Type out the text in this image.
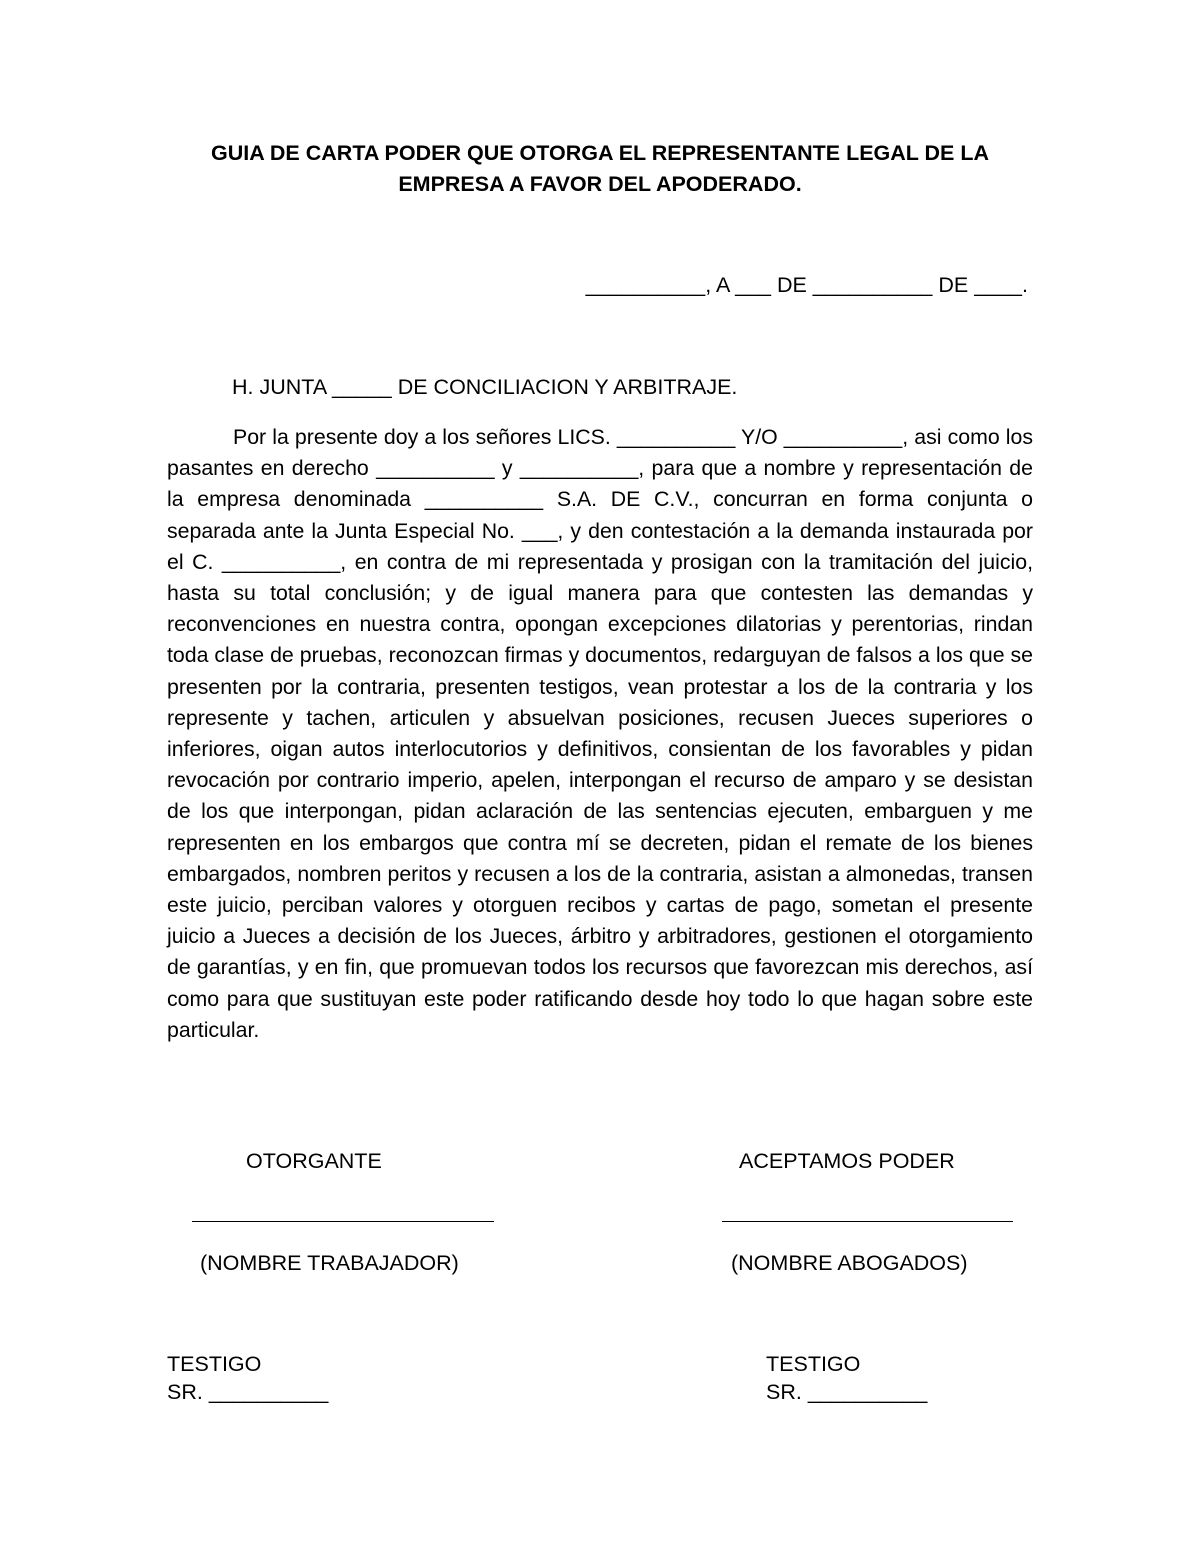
GUIA DE CARTA PODER QUE OTORGA EL REPRESENTANTE LEGAL DE LA
EMPRESA A FAVOR DEL APODERADO.
__________, A ___ DE __________ DE ____.
H. JUNTA _____ DE CONCILIACION Y ARBITRAJE.

Por la presente doy a los señores LICS. __________ Y/O __________, asi como los pasantes en derecho __________ y __________, para que a nombre y representación de la empresa denominada __________ S.A. DE C.V., concurran en forma conjunta o separada ante la Junta Especial No. ___, y den contestación a la demanda instaurada por el C. __________, en contra de mi representada y prosigan con la tramitación del juicio, hasta su total conclusión; y de igual manera para que contesten las demandas y reconvenciones en nuestra contra, opongan excepciones dilatorias y perentorias, rindan toda clase de pruebas, reconozcan firmas y documentos, redarguyan de falsos a los que se presenten por la contraria, presenten testigos, vean protestar a los de la contraria y los represente y tachen, articulen y absuelvan posiciones, recusen Jueces superiores o inferiores, oigan autos interlocutorios y definitivos, consientan de los favorables y pidan revocación por contrario imperio, apelen, interpongan el recurso de amparo y se desistan de los que interpongan, pidan aclaración de las sentencias ejecuten, embarguen y me representen en los embargos que contra mí se decreten, pidan el remate de los bienes embargados, nombren peritos y recusen a los de la contraria, asistan a almonedas, transen este juicio, perciban valores y otorguen recibos y cartas de pago, sometan el presente juicio a Jueces a decisión de los Jueces, árbitro y arbitradores, gestionen el otorgamiento de garantías, y en fin, que promuevan todos los recursos que favorezcan mis derechos, así como para que sustituyan este poder ratificando desde hoy todo lo que hagan sobre este particular.

OTORGANTE	ACEPTAMOS PODER
(NOMBRE TRABAJADOR)	(NOMBRE ABOGADOS)
TESTIGO
SR. __________
TESTIGO
SR. __________
